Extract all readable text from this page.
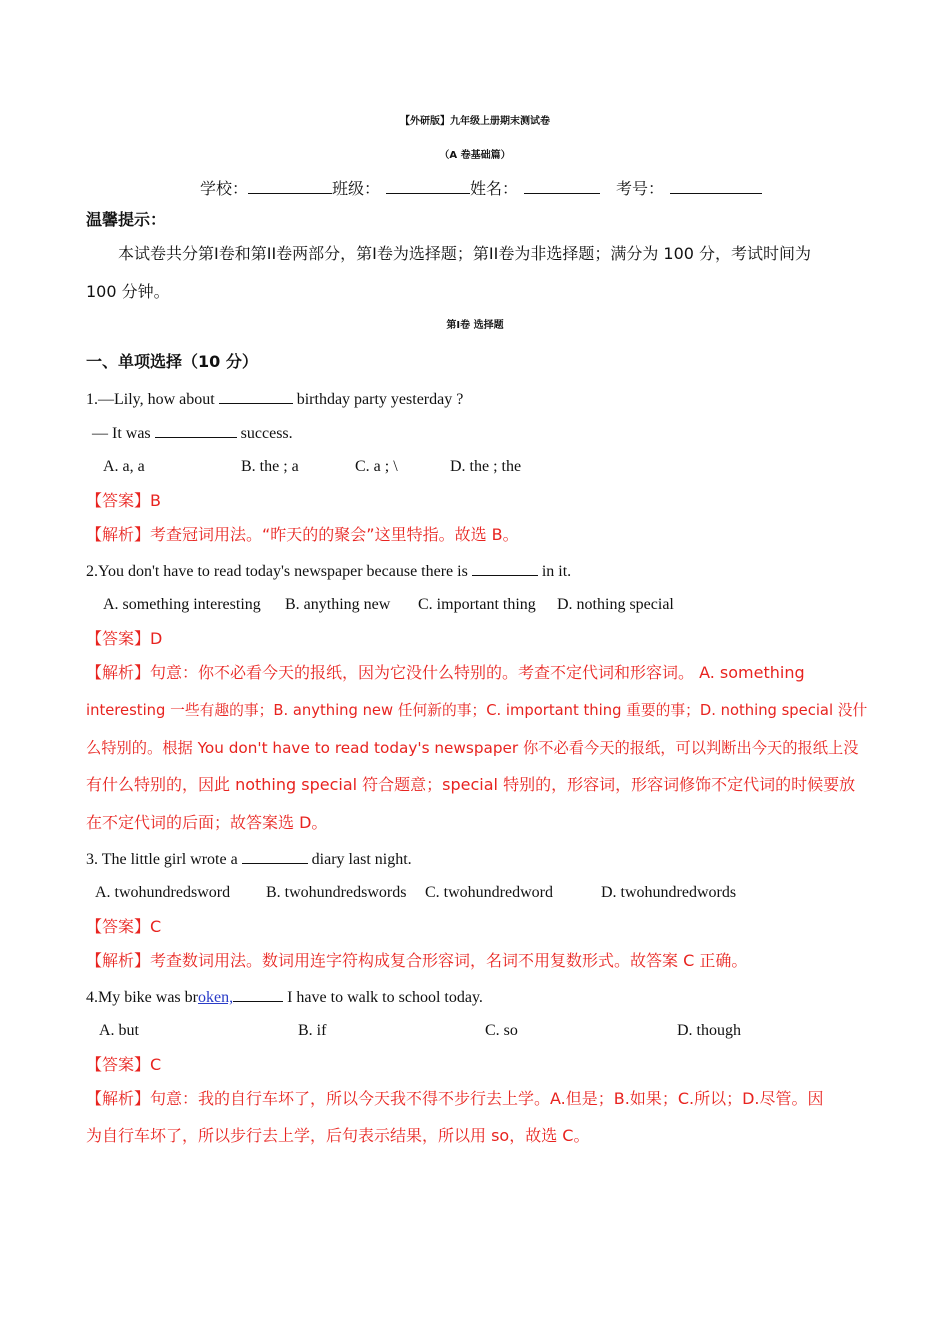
【外研版】九年级上册期末测试卷
（A 卷基础篇）
学校：	班级：	姓名：	考号：
温馨提示：
本试卷共分第I卷和第II卷两部分，第I卷为选择题；第II卷为非选择题；满分为 100 分，考试时间为
100 分钟。
第I卷 选择题
一、单项选择（10 分）
1.—Lily, how about	birthday party yesterday ?
— It was	success.
A. a, a	B. the ; a	C. a ; \	D. the ; the
【答案】B
【解析】考查冠词用法。“昨天的的聚会”这里特指。故选 B。
2.You don't have to read today's newspaper because there is	in it.
A. something interesting B. anything new C. important thing D. nothing special
【答案】D
【解析】句意：你不必看今天的报纸，因为它没什么特别的。考查不定代词和形容词。 A. something
interesting 一些有趣的事；B. anything new 任何新的事；C. important thing 重要的事；D. nothing special 没什
么特别的。根据 You don't have to read today's newspaper 你不必看今天的报纸，可以判断出今天的报纸上没
有什么特别的，因此 nothing special 符合题意；special 特别的，形容词，形容词修饰不定代词的时候要放
在不定代词的后面；故答案选 D。
3. The little girl wrote a	diary last night.
A. twohundredsword B. twohundredswords C. twohundredword	D. twohundredwords
【答案】C
【解析】考查数词用法。数词用连字符构成复合形容词，名词不用复数形式。故答案 C 正确。
4.My bike was broken,	I have to walk to school today.
A. but	B. if	C. so	D. though
【答案】C
【解析】句意：我的自行车坏了，所以今天我不得不步行去上学。A.但是；B.如果；C.所以；D.尽管。因
为自行车坏了，所以步行去上学，后句表示结果，所以用 so，故选 C。
